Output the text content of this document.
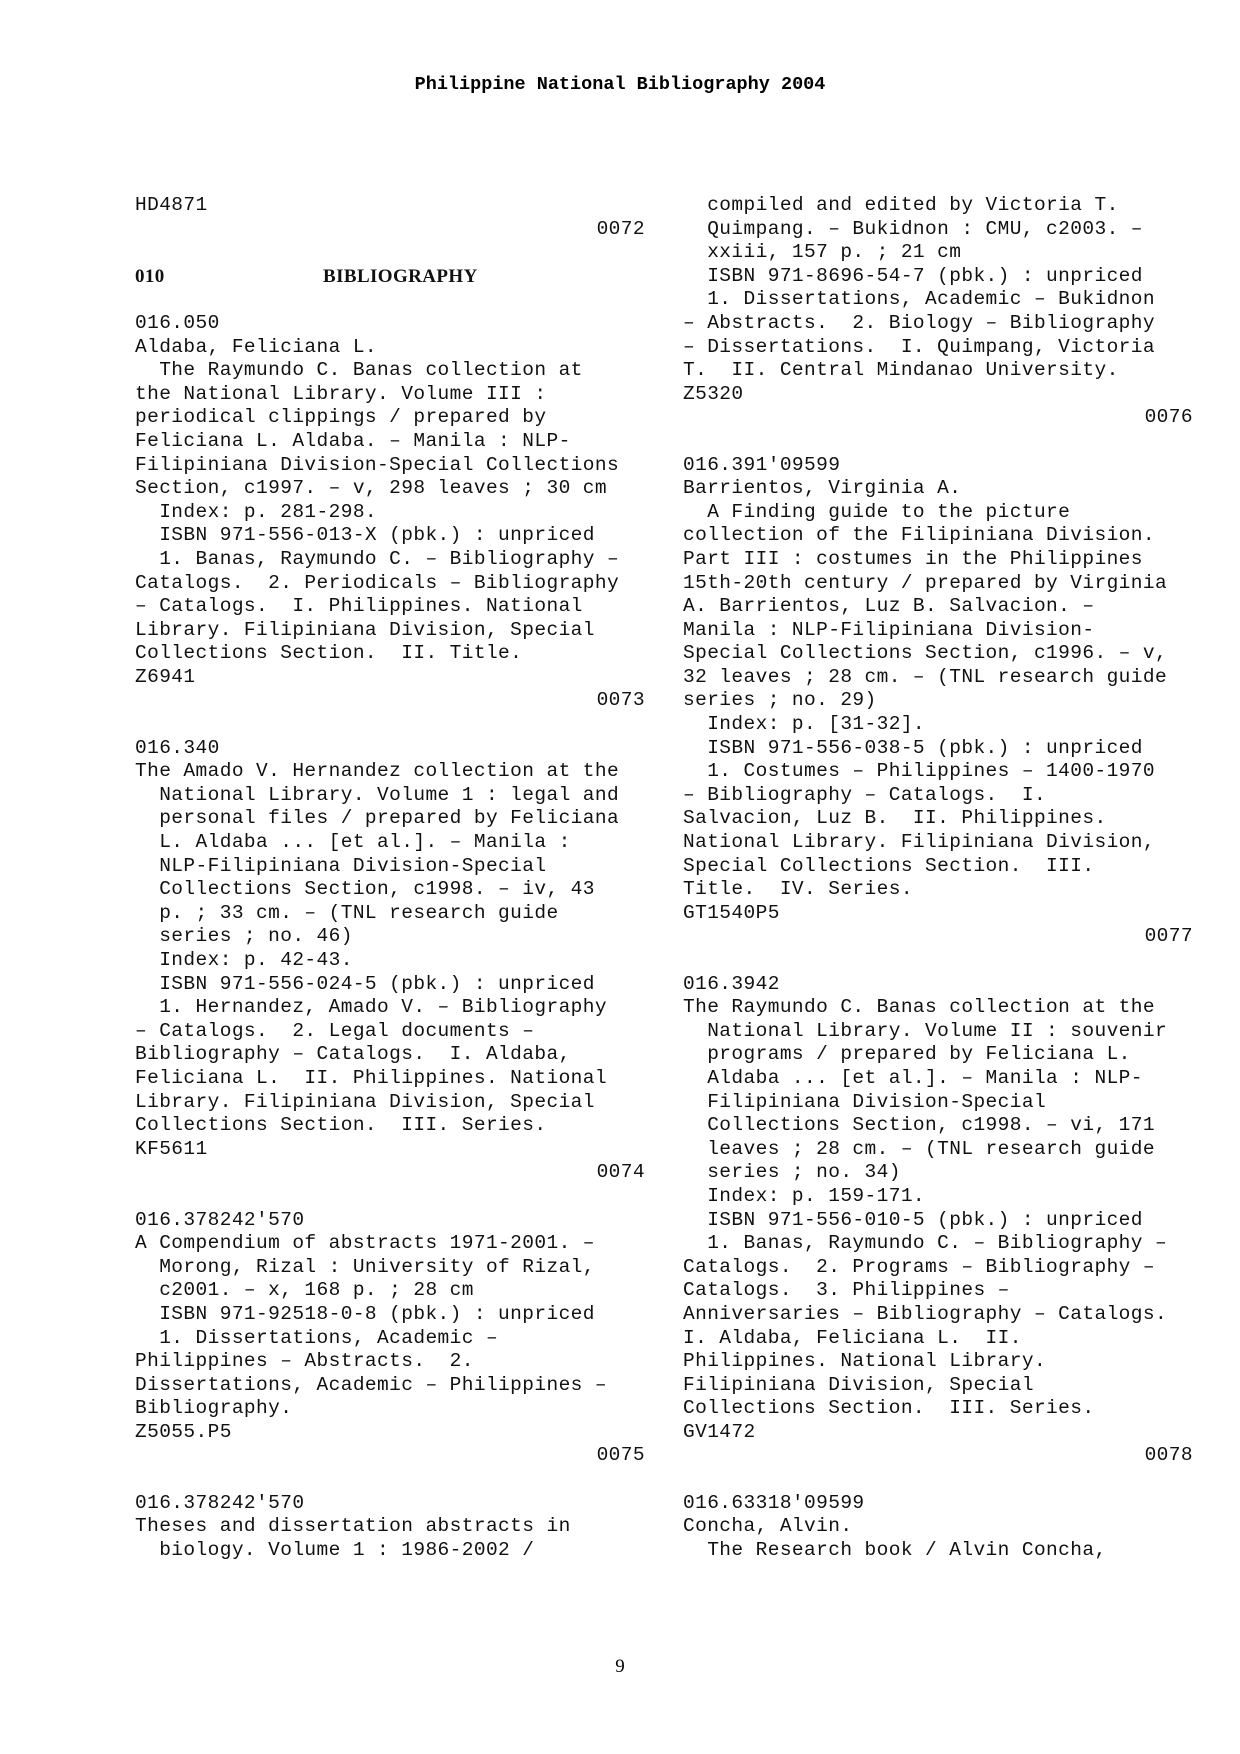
Philippine National Bibliography 2004
HD4871
0072
010	BIBLIOGRAPHY
016.050
Aldaba, Feliciana L.
The Raymundo C. Banas collection at
the National Library. Volume III :
periodical clippings / prepared by
Feliciana L. Aldaba. – Manila : NLP-
Filipiniana Division-Special Collections
Section, c1997. – v, 298 leaves ; 30 cm
Index: p. 281-298.
ISBN 971-556-013-X (pbk.) : unpriced
1. Banas, Raymundo C. – Bibliography –
Catalogs.  2. Periodicals – Bibliography
– Catalogs.  I. Philippines. National
Library. Filipiniana Division, Special
Collections Section.  II. Title.
Z6941
0073
016.340
The Amado V. Hernandez collection at the
National Library. Volume 1 : legal and
personal files / prepared by Feliciana
L. Aldaba ... [et al.]. – Manila :
NLP-Filipiniana Division-Special
Collections Section, c1998. – iv, 43
p. ; 33 cm. – (TNL research guide
series ; no. 46)
Index: p. 42-43.
ISBN 971-556-024-5 (pbk.) : unpriced
1. Hernandez, Amado V. – Bibliography
– Catalogs.  2. Legal documents –
Bibliography – Catalogs.  I. Aldaba,
Feliciana L.  II. Philippines. National
Library. Filipiniana Division, Special
Collections Section.  III. Series.
KF5611
0074
016.378242'570
A Compendium of abstracts 1971-2001. –
Morong, Rizal : University of Rizal,
c2001. – x, 168 p. ; 28 cm
ISBN 971-92518-0-8 (pbk.) : unpriced
1. Dissertations, Academic –
Philippines – Abstracts.  2.
Dissertations, Academic – Philippines –
Bibliography.
Z5055.P5
0075
016.378242'570
Theses and dissertation abstracts in
biology. Volume 1 : 1986-2002 /
compiled and edited by Victoria T.
Quimpang. – Bukidnon : CMU, c2003. –
xxiii, 157 p. ; 21 cm
ISBN 971-8696-54-7 (pbk.) : unpriced
1. Dissertations, Academic – Bukidnon
– Abstracts.  2. Biology – Bibliography
– Dissertations.  I. Quimpang, Victoria
T.  II. Central Mindanao University.
Z5320
0076
016.391'09599
Barrientos, Virginia A.
A Finding guide to the picture
collection of the Filipiniana Division.
Part III : costumes in the Philippines
15th-20th century / prepared by Virginia
A. Barrientos, Luz B. Salvacion. –
Manila : NLP-Filipiniana Division-
Special Collections Section, c1996. – v,
32 leaves ; 28 cm. – (TNL research guide
series ; no. 29)
Index: p. [31-32].
ISBN 971-556-038-5 (pbk.) : unpriced
1. Costumes – Philippines – 1400-1970
– Bibliography – Catalogs.  I.
Salvacion, Luz B.  II. Philippines.
National Library. Filipiniana Division,
Special Collections Section.  III.
Title.  IV. Series.
GT1540P5
0077
016.3942
The Raymundo C. Banas collection at the
National Library. Volume II : souvenir
programs / prepared by Feliciana L.
Aldaba ... [et al.]. – Manila : NLP-
Filipiniana Division-Special
Collections Section, c1998. – vi, 171
leaves ; 28 cm. – (TNL research guide
series ; no. 34)
Index: p. 159-171.
ISBN 971-556-010-5 (pbk.) : unpriced
1. Banas, Raymundo C. – Bibliography –
Catalogs.  2. Programs – Bibliography –
Catalogs.  3. Philippines –
Anniversaries – Bibliography – Catalogs.
I. Aldaba, Feliciana L.  II.
Philippines. National Library.
Filipiniana Division, Special
Collections Section.  III. Series.
GV1472
0078
016.63318'09599
Concha, Alvin.
The Research book / Alvin Concha,
9
